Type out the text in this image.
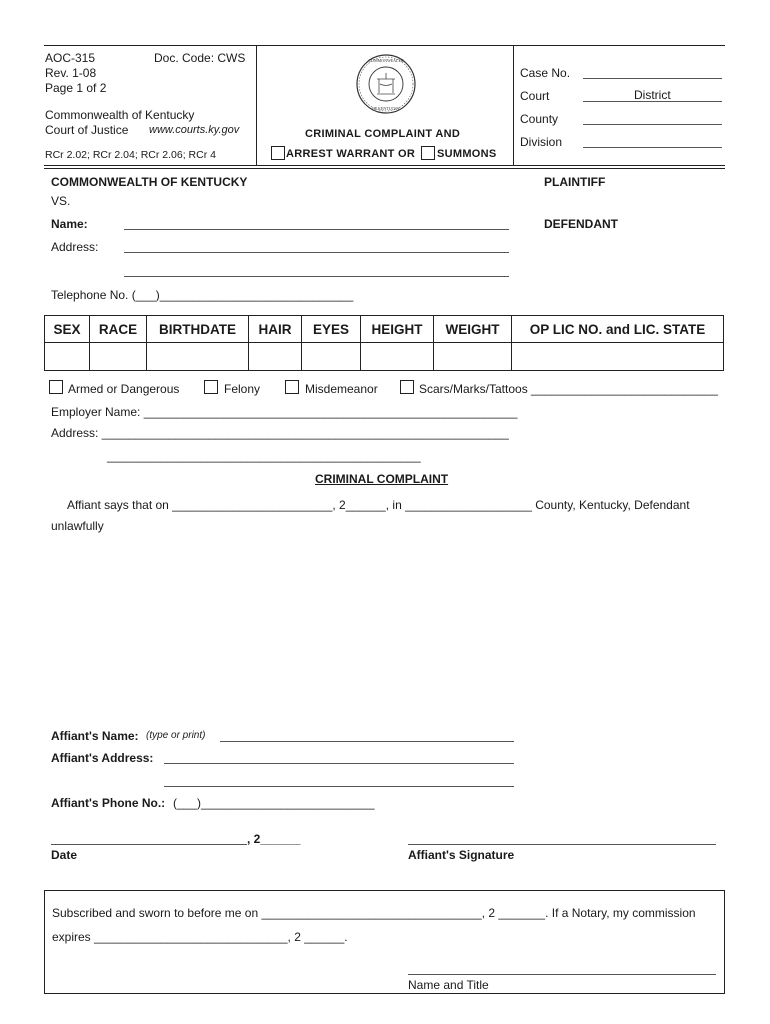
AOC-315	Doc. Code: CWS
Rev. 1-08
Page 1 of 2
Commonwealth of Kentucky
Court of Justice www.courts.ky.gov
RCr 2.02; RCr 2.04; RCr 2.06; RCr 4
COMMONWEALTH
OF KENTUCKY
CRIMINAL COMPLAINT AND
ARREST WARRANT OR SUMMONS
Case No.
Court	District
County
Division
COMMONWEALTH OF KENTUCKY	PLAINTIFF
VS.
Name:	DEFENDANT
Address:
Telephone No. (___)_____________________________
SEX	RACE	BIRTHDATE	HAIR	EYES	HEIGHT	WEIGHT	OP LIC NO. and LIC. STATE

Armed or Dangerous	Felony	Misdemeanor	Scars/Marks/Tattoos ____________________________
Employer Name: ________________________________________________________
Address: _____________________________________________________________
_______________________________________________
CRIMINAL COMPLAINT
Affiant says that on ________________________, 2______, in ___________________ County, Kentucky, Defendant
unlawfully
Affiant's Name: (type or print)
Affiant's Address:
Affiant's Phone No.: (___)__________________________
, 2______
Date	Affiant's Signature
Subscribed and sworn to before me on _________________________________, 2 _______. If a Notary, my commission
expires _____________________________, 2 ______.
Name and Title
